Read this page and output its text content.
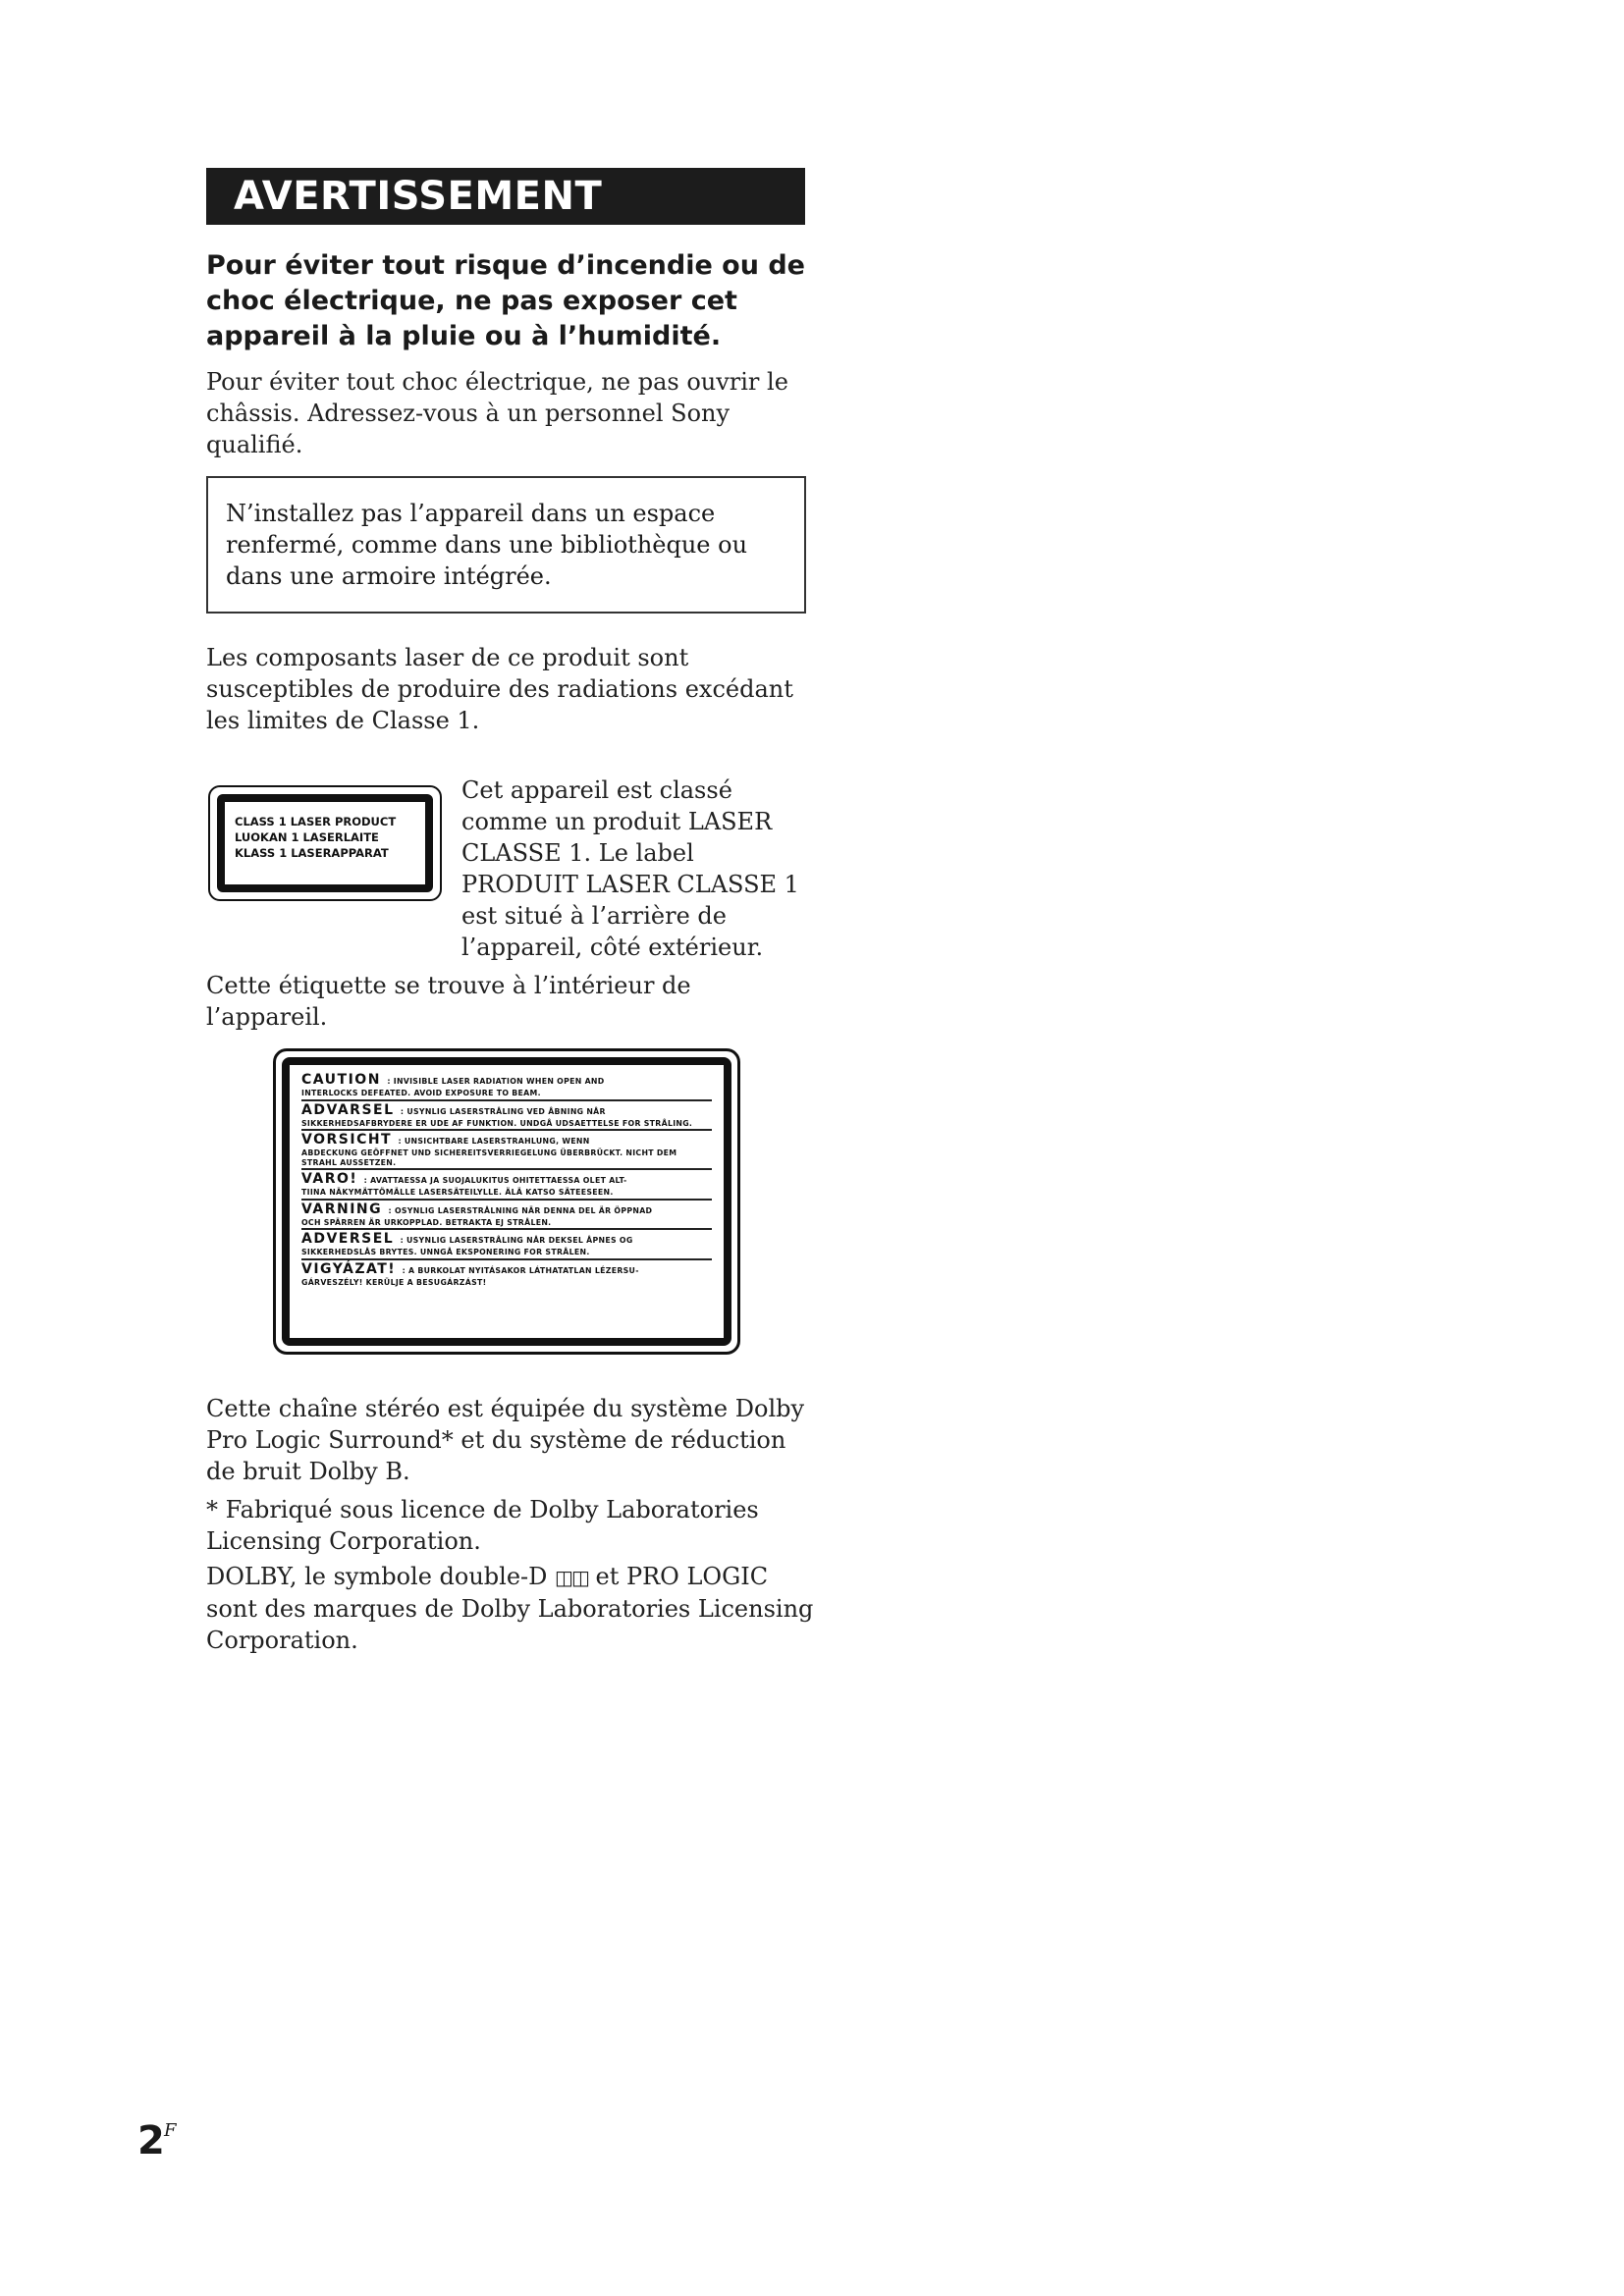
AVERTISSEMENT

Pour éviter tout risque d’incendie ou de choc électrique, ne pas exposer cet appareil à la pluie ou à l’humidité.

Pour éviter tout choc électrique, ne pas ouvrir le châssis. Adressez-vous à un personnel Sony qualifié.

N’installez pas l’appareil dans un espace renfermé, comme dans une bibliothèque ou dans une armoire intégrée.

Les composants laser de ce produit sont susceptibles de produire des radiations excédant les limites de Classe 1.

CLASS 1 LASER PRODUCT
LUOKAN 1 LASERLAITE
KLASS 1 LASERAPPARAT

Cet appareil est classé comme un produit LASER CLASSE 1. Le label PRODUIT LASER CLASSE 1 est situé à l’arrière de l’appareil, côté extérieur.

Cette étiquette se trouve à l’intérieur de l’appareil.

CAUTION : INVISIBLE LASER RADIATION WHEN OPEN AND
INTERLOCKS DEFEATED. AVOID EXPOSURE TO BEAM.
ADVARSEL : USYNLIG LASERSTRÅLING VED ÅBNING NÅR
SIKKERHEDSAFBRYDERE ER UDE AF FUNKTION. UNDGÅ UDSAETTELSE FOR STRÅLING.
VORSICHT : UNSICHTBARE LASERSTRAHLUNG, WENN
ABDECKUNG GEÖFFNET UND SICHEREITSVERRIEGELUNG ÜBERBRÜCKT. NICHT DEM STRAHL AUSSETZEN.
VARO! : AVATTAESSA JA SUOJALUKITUS OHITETTAESSA OLET ALT-
TIINA NÄKYMÄTTÖMÄLLE LASERSÄTEILYLLE. ÄLÄ KATSO SÄTEESEEN.
VARNING : OSYNLIG LASERSTRÅLNING NÄR DENNA DEL ÄR ÖPPNAD
OCH SPÄRREN ÄR URKOPPLAD. BETRAKTA EJ STRÅLEN.
ADVERSEL : USYNLIG LASERSTRÅLING NÅR DEKSEL ÅPNES OG
SIKKERHEDSLÅS BRYTES. UNNGÅ EKSPONERING FOR STRÅLEN.
VIGYÁZAT! : A BURKOLAT NYITÁSAKOR LÁTHATATLAN LÉZERSU-
GÁRVESZÉLY! KERÜLJE A BESUGÁRZÁST!

Cette chaîne stéréo est équipée du système Dolby Pro Logic Surround* et du système de réduction de bruit Dolby B.

* Fabriqué sous licence de Dolby Laboratories Licensing Corporation.

DOLBY, le symbole double-D ◫◫ et PRO LOGIC sont des marques de Dolby Laboratories Licensing Corporation.

2 F
